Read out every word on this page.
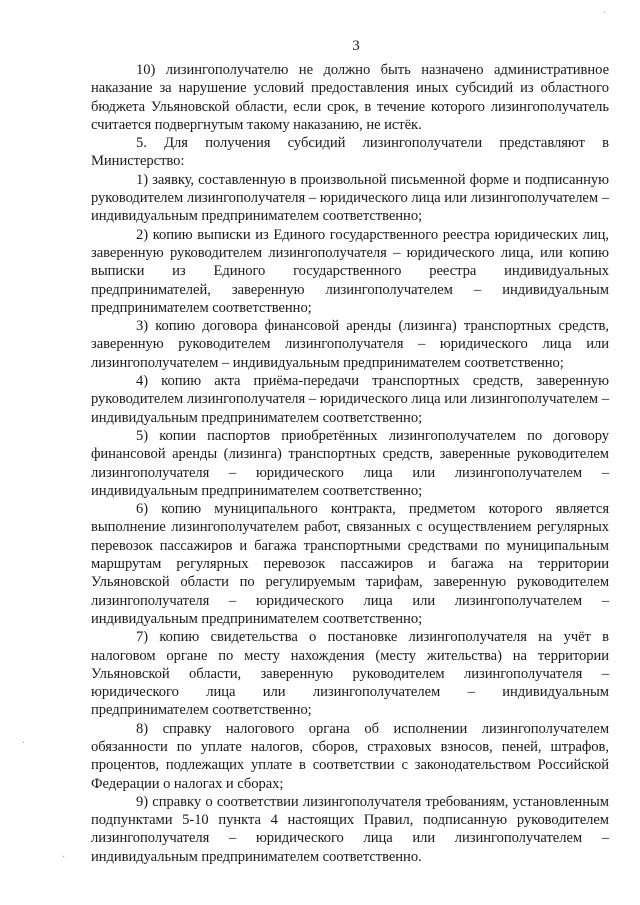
·
·
·
3

10) лизингополучателю не должно быть назначено административное наказание за нарушение условий предоставления иных субсидий из областного бюджета Ульяновской области, если срок, в течение которого лизингополучатель считается подвергнутым такому наказанию, не истёк.

5. Для получения субсидий лизингополучатели представляют в Министерство:

1) заявку, составленную в произвольной письменной форме и подписанную руководителем лизингополучателя – юридического лица или лизингополучателем – индивидуальным предпринимателем соответственно;

2) копию выписки из Единого государственного реестра юридических лиц, заверенную руководителем лизингополучателя – юридического лица, или копию выписки из Единого государственного реестра индивидуальных предпринимателей, заверенную лизингополучателем – индивидуальным предпринимателем соответственно;

3) копию договора финансовой аренды (лизинга) транспортных средств, заверенную руководителем лизингополучателя – юридического лица или лизингополучателем – индивидуальным предпринимателем соответственно;

4) копию акта приёма-передачи транспортных средств, заверенную руководителем лизингополучателя – юридического лица или лизингополучателем – индивидуальным предпринимателем соответственно;

5) копии паспортов приобретённых лизингополучателем по договору финансовой аренды (лизинга) транспортных средств, заверенные руководителем лизингополучателя – юридического лица или лизингополучателем – индивидуальным предпринимателем соответственно;

6) копию муниципального контракта, предметом которого является выполнение лизингополучателем работ, связанных с осуществлением регулярных перевозок пассажиров и багажа транспортными средствами по муниципальным маршрутам регулярных перевозок пассажиров и багажа на территории Ульяновской области по регулируемым тарифам, заверенную руководителем лизингополучателя – юридического лица или лизингополучателем – индивидуальным предпринимателем соответственно;

7) копию свидетельства о постановке лизингополучателя на учёт в налоговом органе по месту нахождения (месту жительства) на территории Ульяновской области, заверенную руководителем лизингополучателя – юридического лица или лизингополучателем – индивидуальным предпринимателем соответственно;

8) справку налогового органа об исполнении лизингополучателем обязанности по уплате налогов, сборов, страховых взносов, пеней, штрафов, процентов, подлежащих уплате в соответствии с законодательством Российской Федерации о налогах и сборах;

9) справку о соответствии лизингополучателя требованиям, установленным подпунктами 5-10 пункта 4 настоящих Правил, подписанную руководителем лизингополучателя – юридического лица или лизингополучателем – индивидуальным предпринимателем соответственно.
